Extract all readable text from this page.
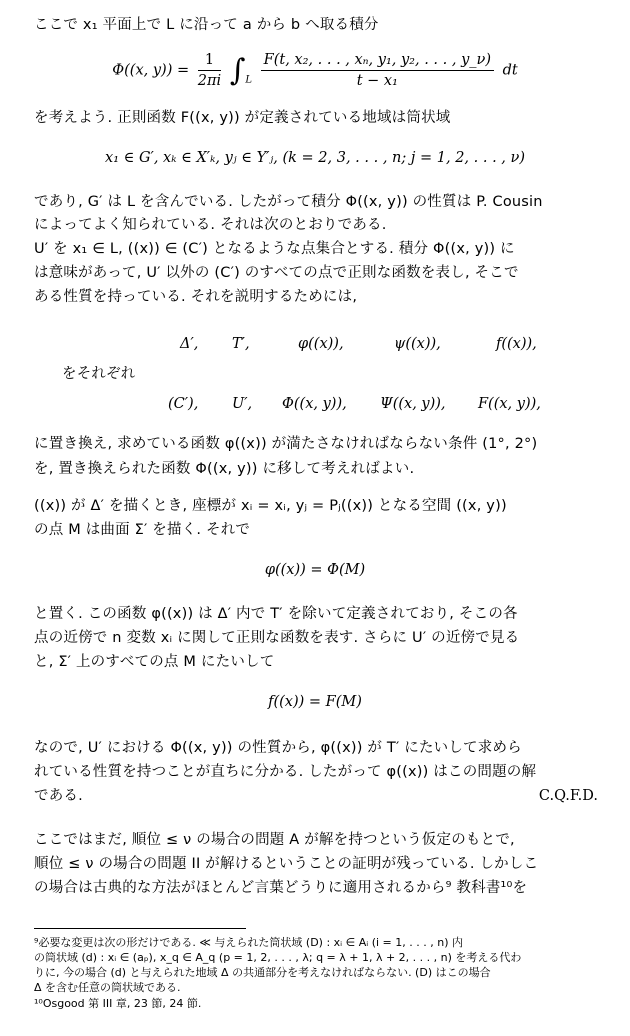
ここで x₁ 平面上で L に沿って a から b へ取る積分
Φ((x, $y)) = \frac{1}{2\pi i} \int_L \frac{\text{F(t, x₂, . . . , xₙ, y₁, y₂, . . . , y\_ν)}}{\text{t − x₁}}$ dt
を考えよう. 正則函数 F((x, y)) が定義されている地域は筒状域
x₁ ∈ G′, xₖ ∈ X′ₖ, yⱼ ∈ Y′ⱼ, (k = 2, 3, . . . , n; j = 1, 2, . . . , ν)
であり, G′ は L を含んでいる. したがって積分 Φ((x, y)) の性質は P. Cousin
によってよく知られている. それは次のとおりである.
U′ を x₁ ∈ L, ((x)) ∈ (C′) となるような点集合とする. 積分 Φ((x, y)) に
は意味があって, U′ 以外の (C′) のすべての点で正則な函数を表し, そこで
ある性質を持っている. それを説明するためには,
Δ′, T′,	φ((x)),	ψ((x)),	f((x)),
をそれぞれ
(C′), U′, Φ((x, y)), Ψ((x, y)), F((x, y)),
に置き換え, 求めている函数 φ((x)) が満たさなければならない条件 (1°, 2°)
を, 置き換えられた函数 Φ((x, y)) に移して考えればよい.
((x)) が Δ′ を描くとき, 座標が xᵢ = xᵢ, yⱼ = Pⱼ((x)) となる空間 ((x, y))
の点 M は曲面 Σ′ を描く. それで
φ((x)) = Φ(M)
と置く. この函数 φ((x)) は Δ′ 内で T′ を除いて定義されており, そこの各
点の近傍で n 変数 xᵢ に関して正則な函数を表す. さらに U′ の近傍で見る
と, Σ′ 上のすべての点 M にたいして
f((x)) = F(M)
なので, U′ における Φ((x, y)) の性質から, φ((x)) が T′ にたいして求めら
れている性質を持つことが直ちに分かる. したがって φ((x)) はこの問題の解
である.	C.Q.F.D.
ここではまだ, 順位 ≤ ν の場合の問題 A が解を持つという仮定のもとで,
順位 ≤ ν の場合の問題 II が解けるということの証明が残っている. しかしこ
の場合は古典的な方法がほとんど言葉どうりに適用されるから⁹ 教科書¹⁰を
⁹必要な変更は次の形だけである. ≪ 与えられた筒状域 (D) : xᵢ ∈ Aᵢ (i = 1, . . . , n) 内
の筒状域 (d) : xᵢ ∈ (aₚ), x_q ∈ A_q (p = 1, 2, . . . , λ; q = λ + 1, λ + 2, . . . , n) を考える代わ
りに, 今の場合 (d) と与えられた地域 Δ の共通部分を考えなければならない. (D) はこの場合
Δ を含む任意の筒状域である.
¹⁰Osgood 第 III 章, 23 節, 24 節.
